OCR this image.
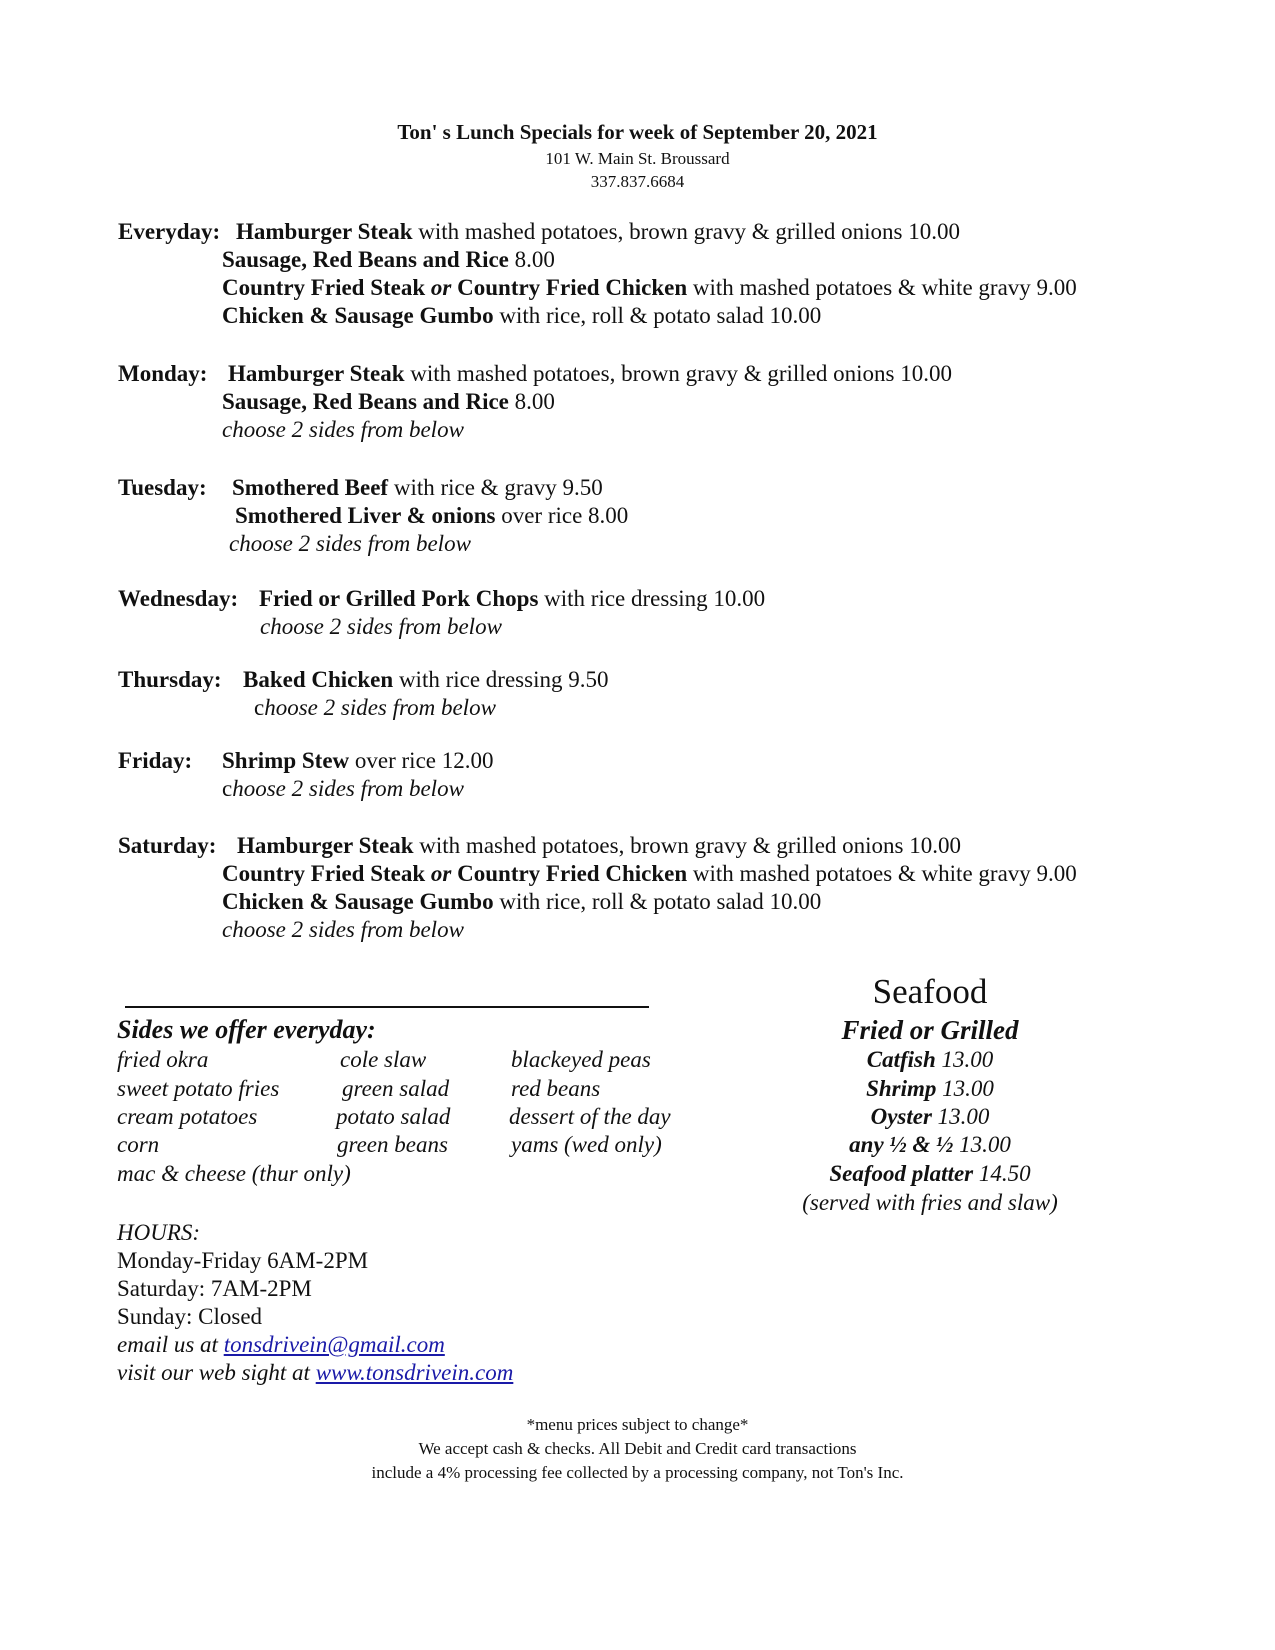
Ton' s Lunch Specials for week of September 20, 2021
101 W. Main St. Broussard
337.837.6684
Everyday: Hamburger Steak with mashed potatoes, brown gravy & grilled onions 10.00
Sausage, Red Beans and Rice 8.00
Country Fried Steak or Country Fried Chicken with mashed potatoes & white gravy 9.00
Chicken & Sausage Gumbo with rice, roll & potato salad 10.00
Monday: Hamburger Steak with mashed potatoes, brown gravy & grilled onions 10.00
Sausage, Red Beans and Rice 8.00
choose 2 sides from below
Tuesday: Smothered Beef with rice & gravy 9.50
Smothered Liver & onions over rice 8.00
choose 2 sides from below
Wednesday: Fried or Grilled Pork Chops with rice dressing 10.00
choose 2 sides from below
Thursday: Baked Chicken with rice dressing 9.50
choose 2 sides from below
Friday: Shrimp Stew over rice 12.00
choose 2 sides from below
Saturday: Hamburger Steak with mashed potatoes, brown gravy & grilled onions 10.00
Country Fried Steak or Country Fried Chicken with mashed potatoes & white gravy 9.00
Chicken & Sausage Gumbo with rice, roll & potato salad 10.00
choose 2 sides from below
Sides we offer everyday:
fried okra	cole slaw	blackeyed peas
sweet potato fries	green salad	red beans
cream potatoes	potato salad	dessert of the day
corn	green beans	yams (wed only)
mac & cheese (thur only)
Seafood
Fried or Grilled
Catfish 13.00
Shrimp 13.00
Oyster 13.00
any ½ & ½ 13.00
Seafood platter 14.50
(served with fries and slaw)
HOURS:
Monday-Friday 6AM-2PM
Saturday: 7AM-2PM
Sunday: Closed
email us at tonsdrivein@gmail.com
visit our web sight at www.tonsdrivein.com
*menu prices subject to change*
We accept cash & checks. All Debit and Credit card transactions
include a 4% processing fee collected by a processing company, not Ton's Inc.
